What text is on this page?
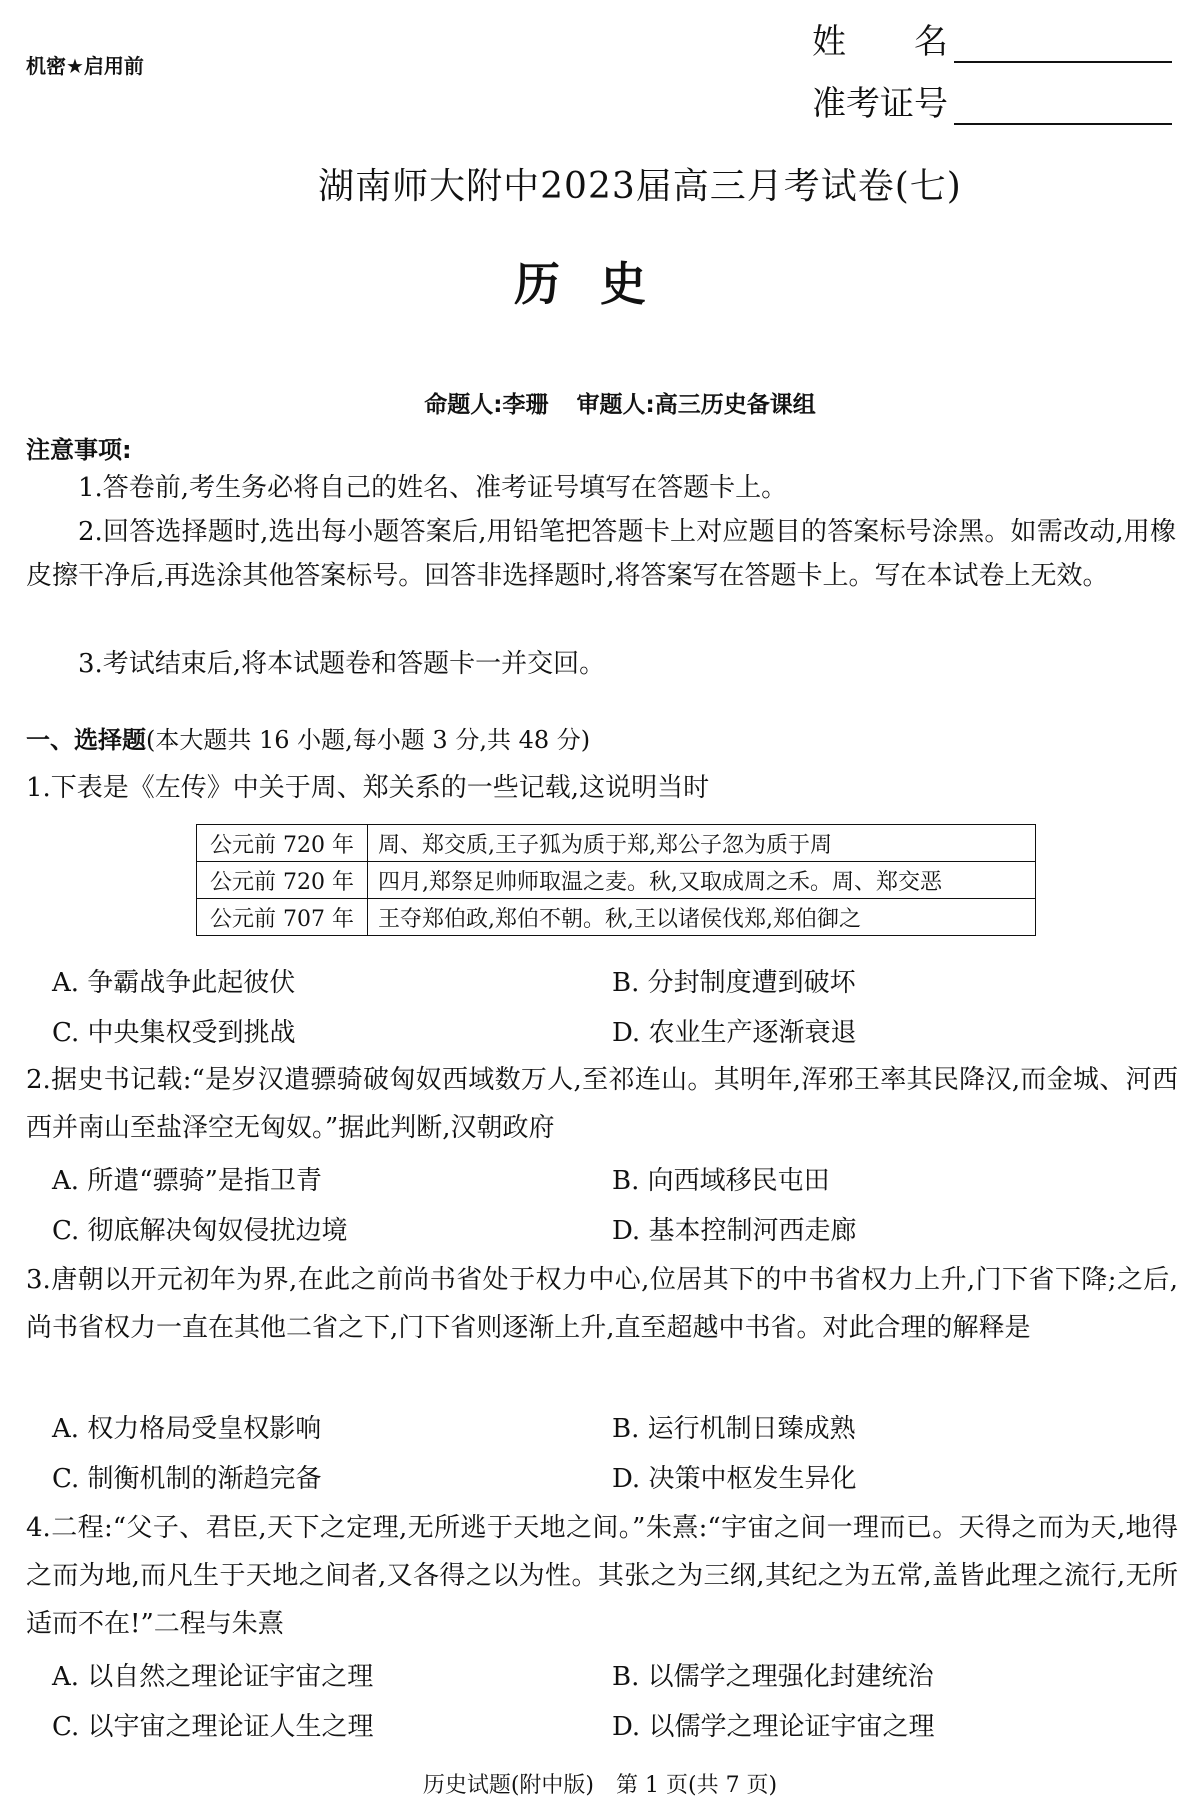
机密★启用前
姓　　名
准考证号
湖南师大附中2023届高三月考试卷(七)
历史
命题人:李珊 审题人:高三历史备课组
注意事项:
1.答卷前,考生务必将自己的姓名、准考证号填写在答题卡上。
2.回答选择题时,选出每小题答案后,用铅笔把答题卡上对应题目的答案标号涂黑。如需改动,用橡皮擦干净后,再选涂其他答案标号。回答非选择题时,将答案写在答题卡上。写在本试卷上无效。
3.考试结束后,将本试题卷和答题卡一并交回。
一、选择题(本大题共 16 小题,每小题 3 分,共 48 分)
1.下表是《左传》中关于周、郑关系的一些记载,这说明当时
公元前 720 年	周、郑交质,王子狐为质于郑,郑公子忽为质于周
公元前 720 年	四月,郑祭足帅师取温之麦。秋,又取成周之禾。周、郑交恶
公元前 707 年	王夺郑伯政,郑伯不朝。秋,王以诸侯伐郑,郑伯御之
A. 争霸战争此起彼伏	B. 分封制度遭到破坏
C. 中央集权受到挑战	D. 农业生产逐渐衰退
2.据史书记载:“是岁汉遣骠骑破匈奴西域数万人,至祁连山。其明年,浑邪王率其民降汉,而金城、河西西并南山至盐泽空无匈奴。”据此判断,汉朝政府
A. 所遣“骠骑”是指卫青	B. 向西域移民屯田
C. 彻底解决匈奴侵扰边境	D. 基本控制河西走廊
3.唐朝以开元初年为界,在此之前尚书省处于权力中心,位居其下的中书省权力上升,门下省下降;之后,尚书省权力一直在其他二省之下,门下省则逐渐上升,直至超越中书省。对此合理的解释是
A. 权力格局受皇权影响	B. 运行机制日臻成熟
C. 制衡机制的渐趋完备	D. 决策中枢发生异化
4.二程:“父子、君臣,天下之定理,无所逃于天地之间。”朱熹:“宇宙之间一理而已。天得之而为天,地得之而为地,而凡生于天地之间者,又各得之以为性。其张之为三纲,其纪之为五常,盖皆此理之流行,无所适而不在!”二程与朱熹
A. 以自然之理论证宇宙之理	B. 以儒学之理强化封建统治
C. 以宇宙之理论证人生之理	D. 以儒学之理论证宇宙之理
历史试题(附中版)　第 1 页(共 7 页)
